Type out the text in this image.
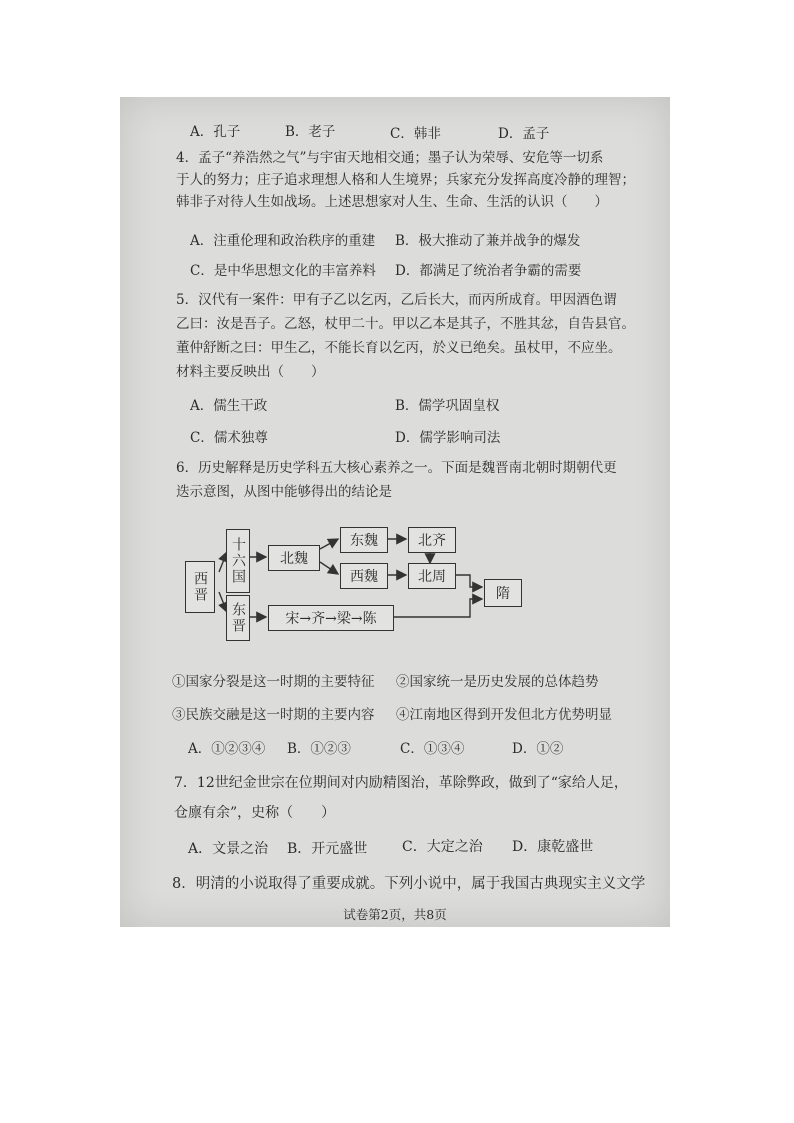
A．孔子	B．老子	C．韩非	D．孟子
4．孟子“养浩然之气”与宇宙天地相交通；墨子认为荣辱、安危等一切系
于人的努力；庄子追求理想人格和人生境界；兵家充分发挥高度冷静的理智；
韩非子对待人生如战场。上述思想家对人生、生命、生活的认识（　　）
A．注重伦理和政治秩序的重建 B．极大推动了兼并战争的爆发
C．是中华思想文化的丰富养料 D．都满足了统治者争霸的需要
5．汉代有一案件：甲有子乙以乞丙，乙后长大，而丙所成育。甲因酒色谓
乙曰：汝是吾子。乙怒，杖甲二十。甲以乙本是其子，不胜其忿，自告县官。
董仲舒断之曰：甲生乙，不能长育以乞丙，於义已绝矣。虽杖甲，不应坐。
材料主要反映出（　　）
A．儒生干政	B．儒学巩固皇权
C．儒术独尊	D．儒学影响司法
6．历史解释是历史学科五大核心素养之一。下面是魏晋南北朝时期朝代更
迭示意图，从图中能够得出的结论是
西晋
十六国
东晋
北魏
东魏
西魏
北齐
北周
隋
宋→齐→梁→陈
①国家分裂是这一时期的主要特征 ②国家统一是历史发展的总体趋势
③民族交融是这一时期的主要内容 ④江南地区得到开发但北方优势明显
A．①②③④ B．①②③	C．①③④	D．①②
7．12世纪金世宗在位期间对内励精图治，革除弊政，做到了“家给人足，
仓廪有余”，史称（　　）
A．文景之治 B．开元盛世 C．大定之治 D．康乾盛世
8．明清的小说取得了重要成就。下列小说中，属于我国古典现实主义文学
试卷第2页，共8页
